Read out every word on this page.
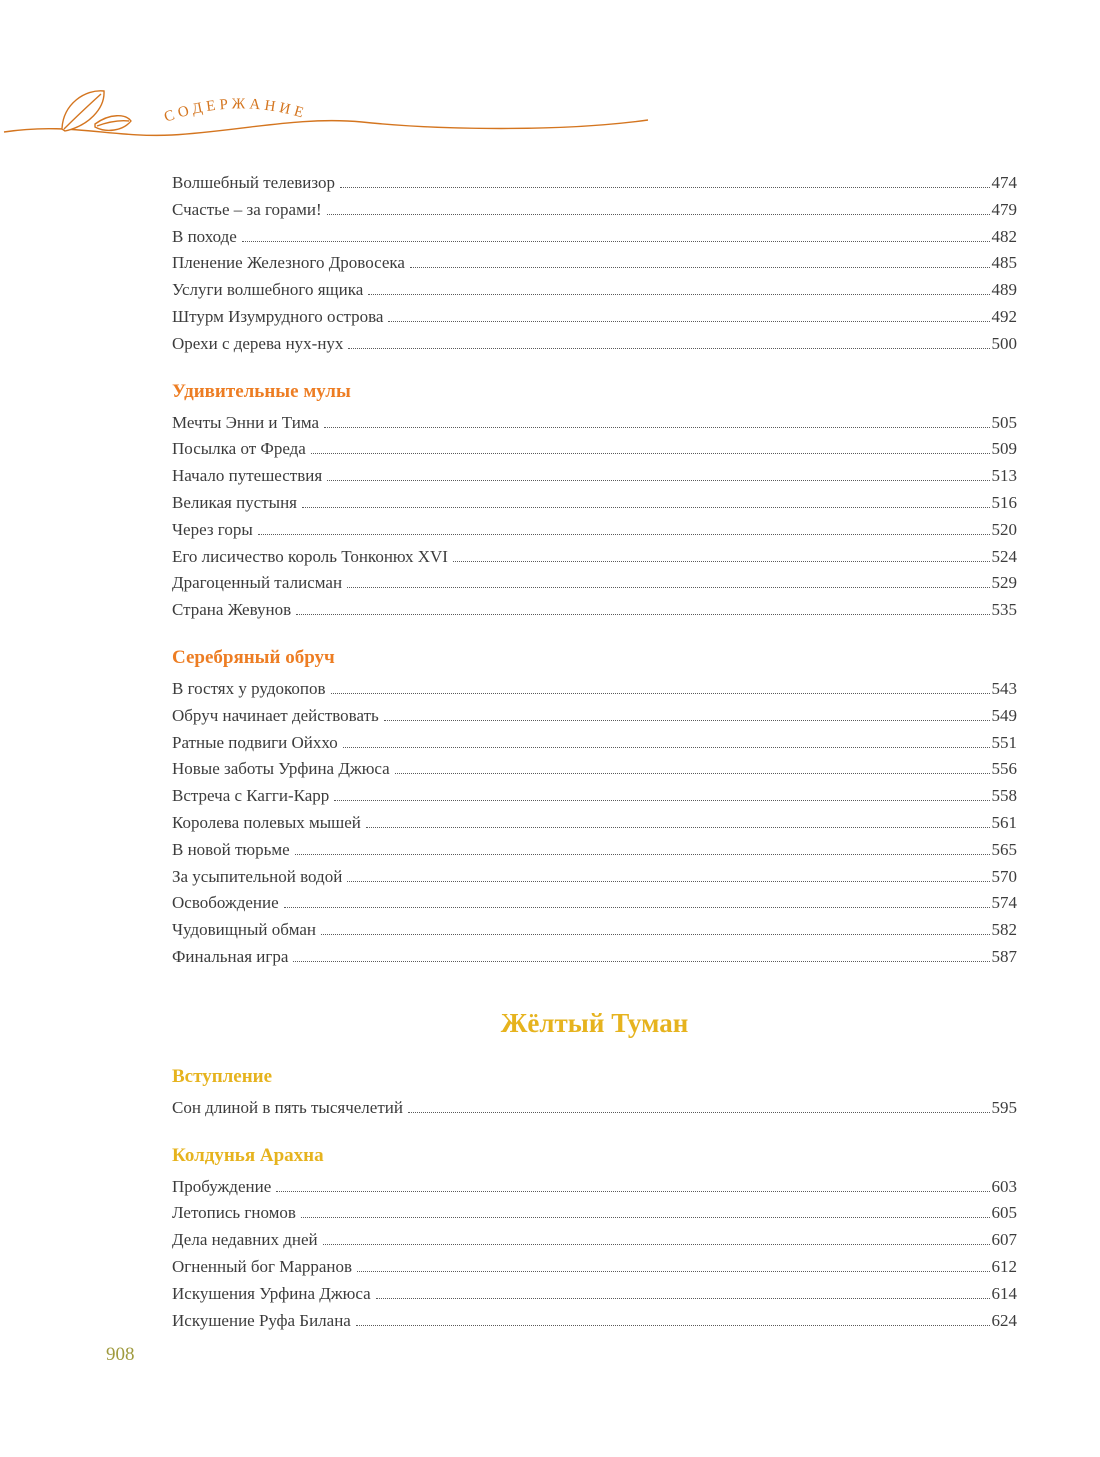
СОДЕРЖАНИЕ
Волшебный телевизор	474
Счастье – за горами!	479
В походе	482
Пленение Железного Дровосека	485
Услуги волшебного ящика	489
Штурм Изумрудного острова	492
Орехи с дерева нух-нух	500
Удивительные мулы
Мечты Энни и Тима	505
Посылка от Фреда	509
Начало путешествия	513
Великая пустыня	516
Через горы	520
Его лисичество король Тонконюх XVI	524
Драгоценный талисман	529
Страна Жевунов	535
Серебряный обруч
В гостях у рудокопов	543
Обруч начинает действовать	549
Ратные подвиги Ойххо	551
Новые заботы Урфина Джюса	556
Встреча с Кагги-Карр	558
Королева полевых мышей	561
В новой тюрьме	565
За усыпительной водой	570
Освобождение	574
Чудовищный обман	582
Финальная игра	587
Жёлтый Туман
Вступление
Сон длиной в пять тысячелетий	595
Колдунья Арахна
Пробуждение	603
Летопись гномов	605
Дела недавних дней	607
Огненный бог Марранов	612
Искушения Урфина Джюса	614
Искушение Руфа Билана	624
908
